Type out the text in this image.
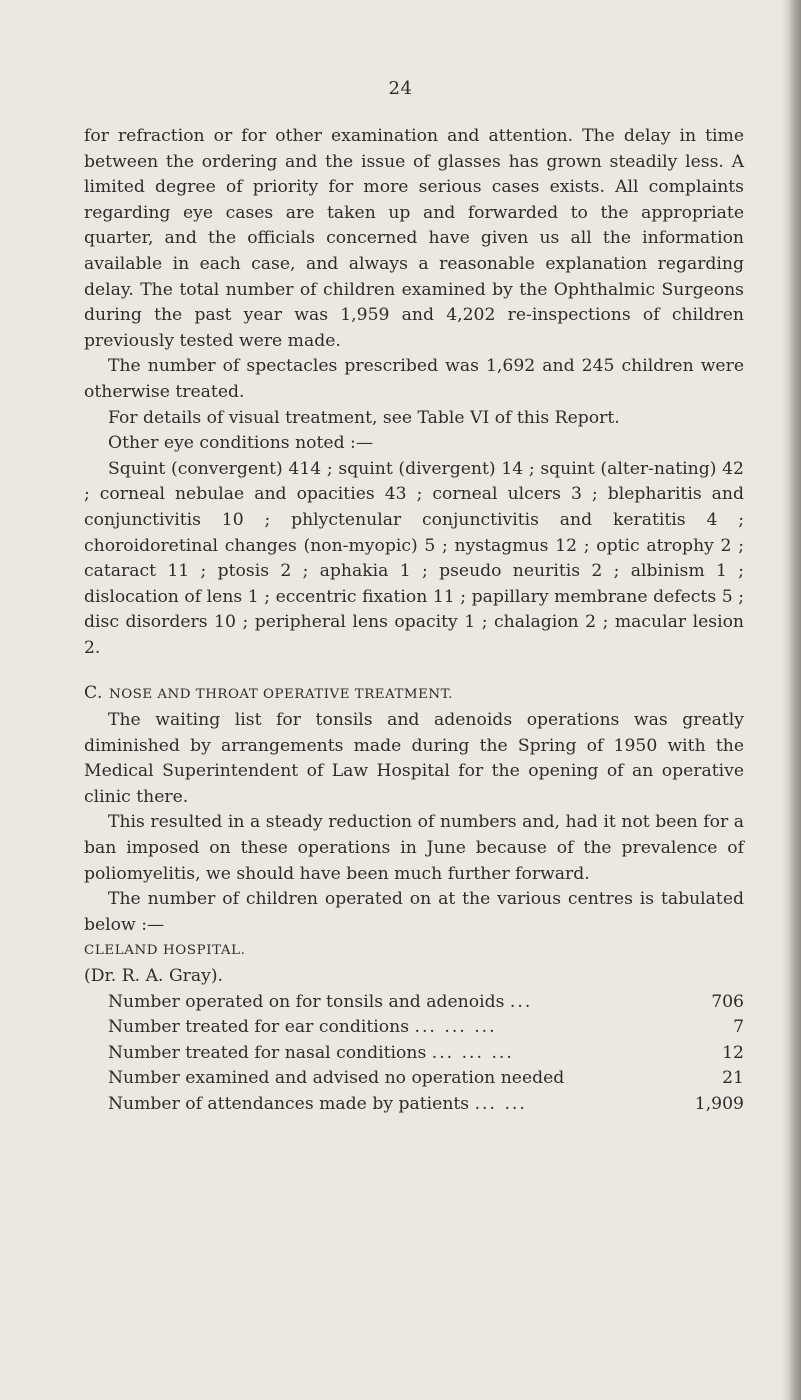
24

for refraction or for other examination and attention. The delay in time between the ordering and the issue of glasses has grown steadily less. A limited degree of priority for more serious cases exists. All complaints regarding eye cases are taken up and forwarded to the appropriate quarter, and the officials concerned have given us all the information available in each case, and always a reasonable explanation regarding delay. The total number of children examined by the Ophthalmic Surgeons during the past year was 1,959 and 4,202 re-inspections of children previously tested were made.

The number of spectacles prescribed was 1,692 and 245 children were otherwise treated.

For details of visual treatment, see Table VI of this Report.

Other eye conditions noted :—

Squint (convergent) 414 ; squint (divergent) 14 ; squint (alter-nating) 42 ; corneal nebulae and opacities 43 ; corneal ulcers 3 ; blepharitis and conjunctivitis 10 ; phlyctenular conjunctivitis and keratitis 4 ; choroidoretinal changes (non-myopic) 5 ; nystagmus 12 ; optic atrophy 2 ; cataract 11 ; ptosis 2 ; aphakia 1 ; pseudo neuritis 2 ; albinism 1 ; dislocation of lens 1 ; eccentric fixation 11 ; papillary membrane defects 5 ; disc disorders 10 ; peripheral lens opacity 1 ; chalagion 2 ; macular lesion 2.

C. NOSE AND THROAT OPERATIVE TREATMENT.

The waiting list for tonsils and adenoids operations was greatly diminished by arrangements made during the Spring of 1950 with the Medical Superintendent of Law Hospital for the opening of an operative clinic there.

This resulted in a steady reduction of numbers and, had it not been for a ban imposed on these operations in June because of the prevalence of poliomyelitis, we should have been much further forward.

The number of children operated on at the various centres is tabulated below :—

CLELAND HOSPITAL.

(Dr. R. A. Gray).

Number operated on for tonsils and adenoids ...	706
Number treated for ear conditions ... ... ...	7
Number treated for nasal conditions ... ... ...	12
Number examined and advised no operation needed	21
Number of attendances made by patients ... ...	1,909
